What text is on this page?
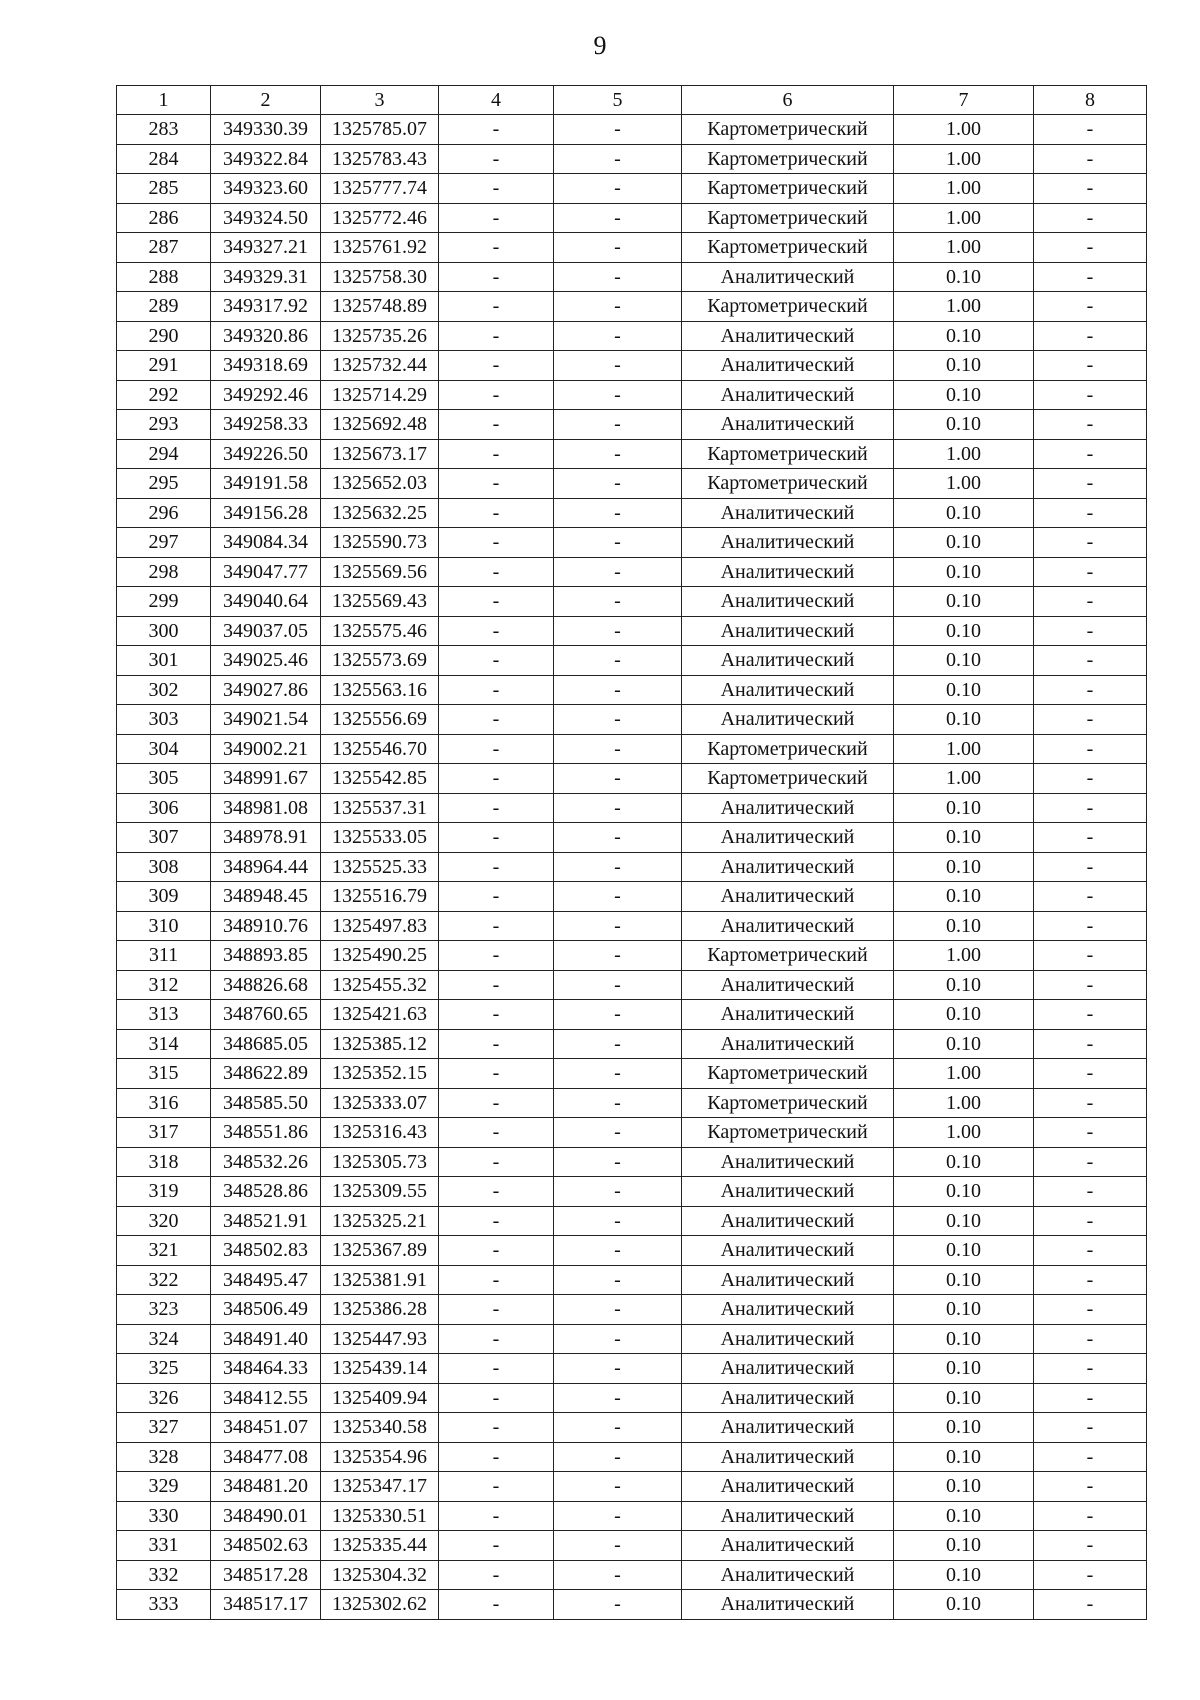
9
1	2	3	4	5	6	7	8
283	349330.39	1325785.07	-	-	Картометрический	1.00	-
284	349322.84	1325783.43	-	-	Картометрический	1.00	-
285	349323.60	1325777.74	-	-	Картометрический	1.00	-
286	349324.50	1325772.46	-	-	Картометрический	1.00	-
287	349327.21	1325761.92	-	-	Картометрический	1.00	-
288	349329.31	1325758.30	-	-	Аналитический	0.10	-
289	349317.92	1325748.89	-	-	Картометрический	1.00	-
290	349320.86	1325735.26	-	-	Аналитический	0.10	-
291	349318.69	1325732.44	-	-	Аналитический	0.10	-
292	349292.46	1325714.29	-	-	Аналитический	0.10	-
293	349258.33	1325692.48	-	-	Аналитический	0.10	-
294	349226.50	1325673.17	-	-	Картометрический	1.00	-
295	349191.58	1325652.03	-	-	Картометрический	1.00	-
296	349156.28	1325632.25	-	-	Аналитический	0.10	-
297	349084.34	1325590.73	-	-	Аналитический	0.10	-
298	349047.77	1325569.56	-	-	Аналитический	0.10	-
299	349040.64	1325569.43	-	-	Аналитический	0.10	-
300	349037.05	1325575.46	-	-	Аналитический	0.10	-
301	349025.46	1325573.69	-	-	Аналитический	0.10	-
302	349027.86	1325563.16	-	-	Аналитический	0.10	-
303	349021.54	1325556.69	-	-	Аналитический	0.10	-
304	349002.21	1325546.70	-	-	Картометрический	1.00	-
305	348991.67	1325542.85	-	-	Картометрический	1.00	-
306	348981.08	1325537.31	-	-	Аналитический	0.10	-
307	348978.91	1325533.05	-	-	Аналитический	0.10	-
308	348964.44	1325525.33	-	-	Аналитический	0.10	-
309	348948.45	1325516.79	-	-	Аналитический	0.10	-
310	348910.76	1325497.83	-	-	Аналитический	0.10	-
311	348893.85	1325490.25	-	-	Картометрический	1.00	-
312	348826.68	1325455.32	-	-	Аналитический	0.10	-
313	348760.65	1325421.63	-	-	Аналитический	0.10	-
314	348685.05	1325385.12	-	-	Аналитический	0.10	-
315	348622.89	1325352.15	-	-	Картометрический	1.00	-
316	348585.50	1325333.07	-	-	Картометрический	1.00	-
317	348551.86	1325316.43	-	-	Картометрический	1.00	-
318	348532.26	1325305.73	-	-	Аналитический	0.10	-
319	348528.86	1325309.55	-	-	Аналитический	0.10	-
320	348521.91	1325325.21	-	-	Аналитический	0.10	-
321	348502.83	1325367.89	-	-	Аналитический	0.10	-
322	348495.47	1325381.91	-	-	Аналитический	0.10	-
323	348506.49	1325386.28	-	-	Аналитический	0.10	-
324	348491.40	1325447.93	-	-	Аналитический	0.10	-
325	348464.33	1325439.14	-	-	Аналитический	0.10	-
326	348412.55	1325409.94	-	-	Аналитический	0.10	-
327	348451.07	1325340.58	-	-	Аналитический	0.10	-
328	348477.08	1325354.96	-	-	Аналитический	0.10	-
329	348481.20	1325347.17	-	-	Аналитический	0.10	-
330	348490.01	1325330.51	-	-	Аналитический	0.10	-
331	348502.63	1325335.44	-	-	Аналитический	0.10	-
332	348517.28	1325304.32	-	-	Аналитический	0.10	-
333	348517.17	1325302.62	-	-	Аналитический	0.10	-
